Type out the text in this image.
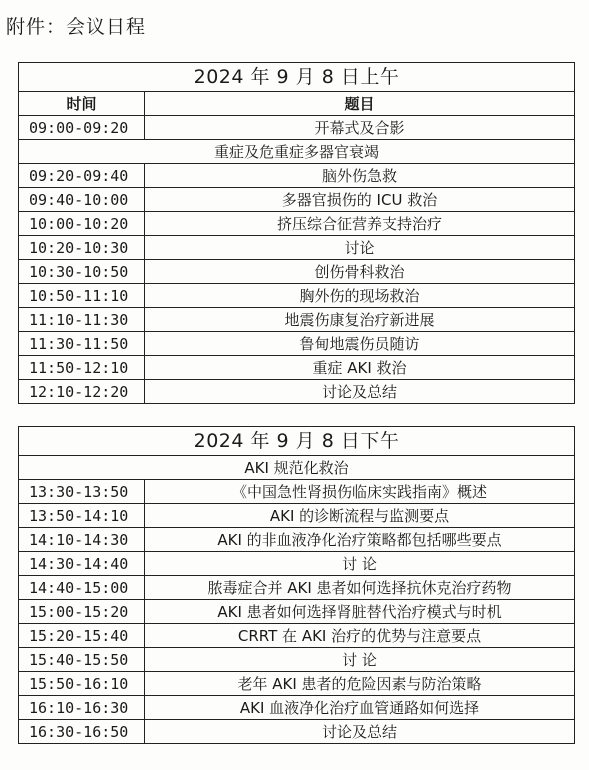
附件：会议日程
2024 年 9 月 8 日上午	
时间	题目
09:00-09:20	开幕式及合影
重症及危重症多器官衰竭	
09:20-09:40	脑外伤急救
09:40-10:00	多器官损伤的 ICU 救治
10:00-10:20	挤压综合征营养支持治疗
10:20-10:30	讨论
10:30-10:50	创伤骨科救治
10:50-11:10	胸外伤的现场救治
11:10-11:30	地震伤康复治疗新进展
11:30-11:50	鲁甸地震伤员随访
11:50-12:10	重症 AKI 救治
12:10-12:20	讨论及总结
2024 年 9 月 8 日下午	
AKI 规范化救治	
13:30-13:50	《中国急性肾损伤临床实践指南》概述
13:50-14:10	AKI 的诊断流程与监测要点
14:10-14:30	AKI 的非血液净化治疗策略都包括哪些要点
14:30-14:40	讨 论
14:40-15:00	脓毒症合并 AKI 患者如何选择抗休克治疗药物
15:00-15:20	AKI 患者如何选择肾脏替代治疗模式与时机
15:20-15:40	CRRT 在 AKI 治疗的优势与注意要点
15:40-15:50	讨 论
15:50-16:10	老年 AKI 患者的危险因素与防治策略
16:10-16:30	AKI 血液净化治疗血管通路如何选择
16:30-16:50	讨论及总结
